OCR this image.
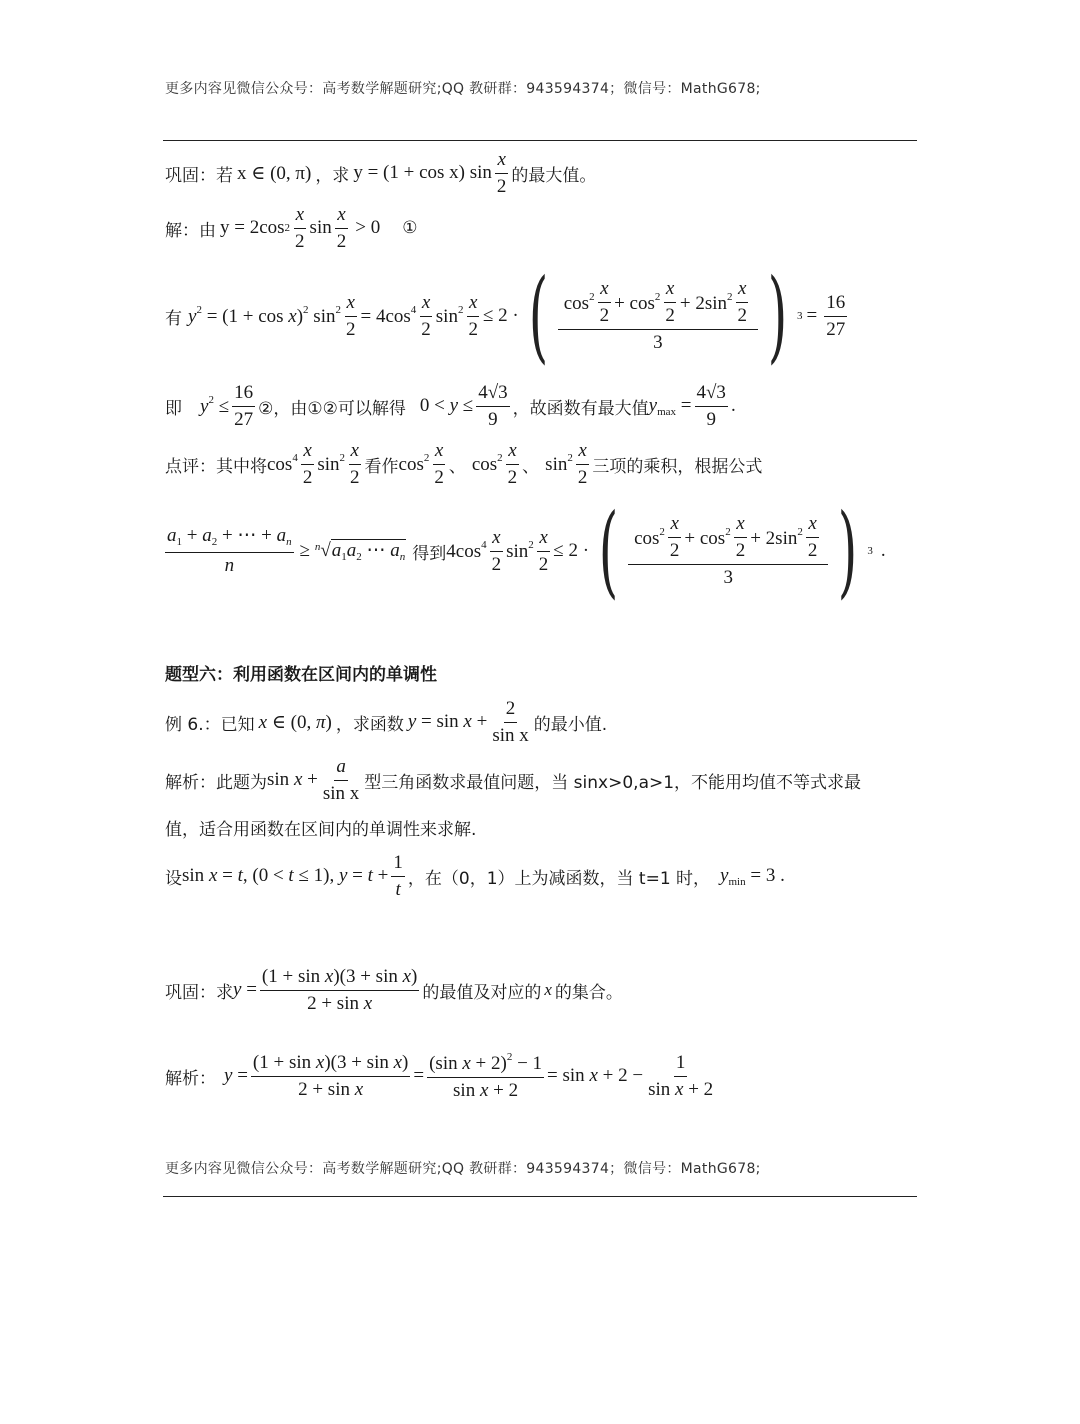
更多内容见微信公众号：高考数学解题研究;QQ 教研群：943594374；微信号：MathG678;
巩固：若 x ∈ (0, π) ，求 y = (1 + cos x) $\sin \frac{x}{2}$ 的最大值。
解：由 y = 2cos $2 \frac{x}{2}$ $\sin \frac{x}{2} > 0$ ①
有 $y^2 = (1 + \cos x)^2$ $\sin^2 \frac{x}{2} = 4\cos^4 \frac{x}{2} \sin^2 \frac{x}{2} \le 2$ · ( $\cos^2 \frac{x}{2} + \cos^2 \frac{x}{2} + 2\sin^2 \frac{x}{2}$
3 ) $3 = \frac{16}{27}$
即 $y^2 \le \frac{16}{27}$ ②，由①②可以解得 $0 < y \le \frac{4√3}{9}$ ，故函数有最大值 $y_{max} = \frac{4√3}{9}$ .
点评：其中将 $\cos^4 \frac{x}{2} \sin^2 \frac{x}{2}$ 看作 $\cos^2 \frac{x}{2}$ 、 $\cos^2 \frac{x}{2}$ 、 $\sin^2 \frac{x}{2}$ 三项的乘积，根据公式
$\frac{a_1 + a_2 + \cdots + a_n}{n} \ge ^n√a_1a_2$ ⋯ $a_n$ 得到 $4\cos^4 \frac{x}{2} \sin^2 \frac{x}{2} \le 2$ · ( $\cos^2 \frac{x}{2} + \cos^2 \frac{x}{2} + 2\sin^2 \frac{x}{2}$
3 ) 3 .
题型六：利用函数在区间内的单调性
例 6.：已知 x ∈ (0, π) ，求函数 $y = \sin x + \frac{2}{\text{sin x}}$ 的最小值.
解析：此题为 $\sin x + \frac{a}{\text{sin x}}$ 型三角函数求最值问题，当 sinx>0,a>1，不能用均值不等式求最
值，适合用函数在区间内的单调性来求解.
设 sin x = t, (0 < t ≤ 1), $y = t + \frac{1}{t}$ ，在（0，1）上为减函数，当 t=1 时， $y_{min} = 3$ .
巩固：求 $y = \frac{\text{(1 + sin x)(3 + sin x)}}{\text{2 + sin x}}$ 的最值及对应的 x 的集合。
解析： $y = \frac{\text{(1 + sin x)(3 + sin x)}}{\text{2 + sin x}} = \frac{(\sin x + 2)^2 - 1}{\text{sin x + 2}} = \sin x + 2 - \frac{1}{\text{sin x + 2}}$
更多内容见微信公众号：高考数学解题研究;QQ 教研群：943594374；微信号：MathG678;
